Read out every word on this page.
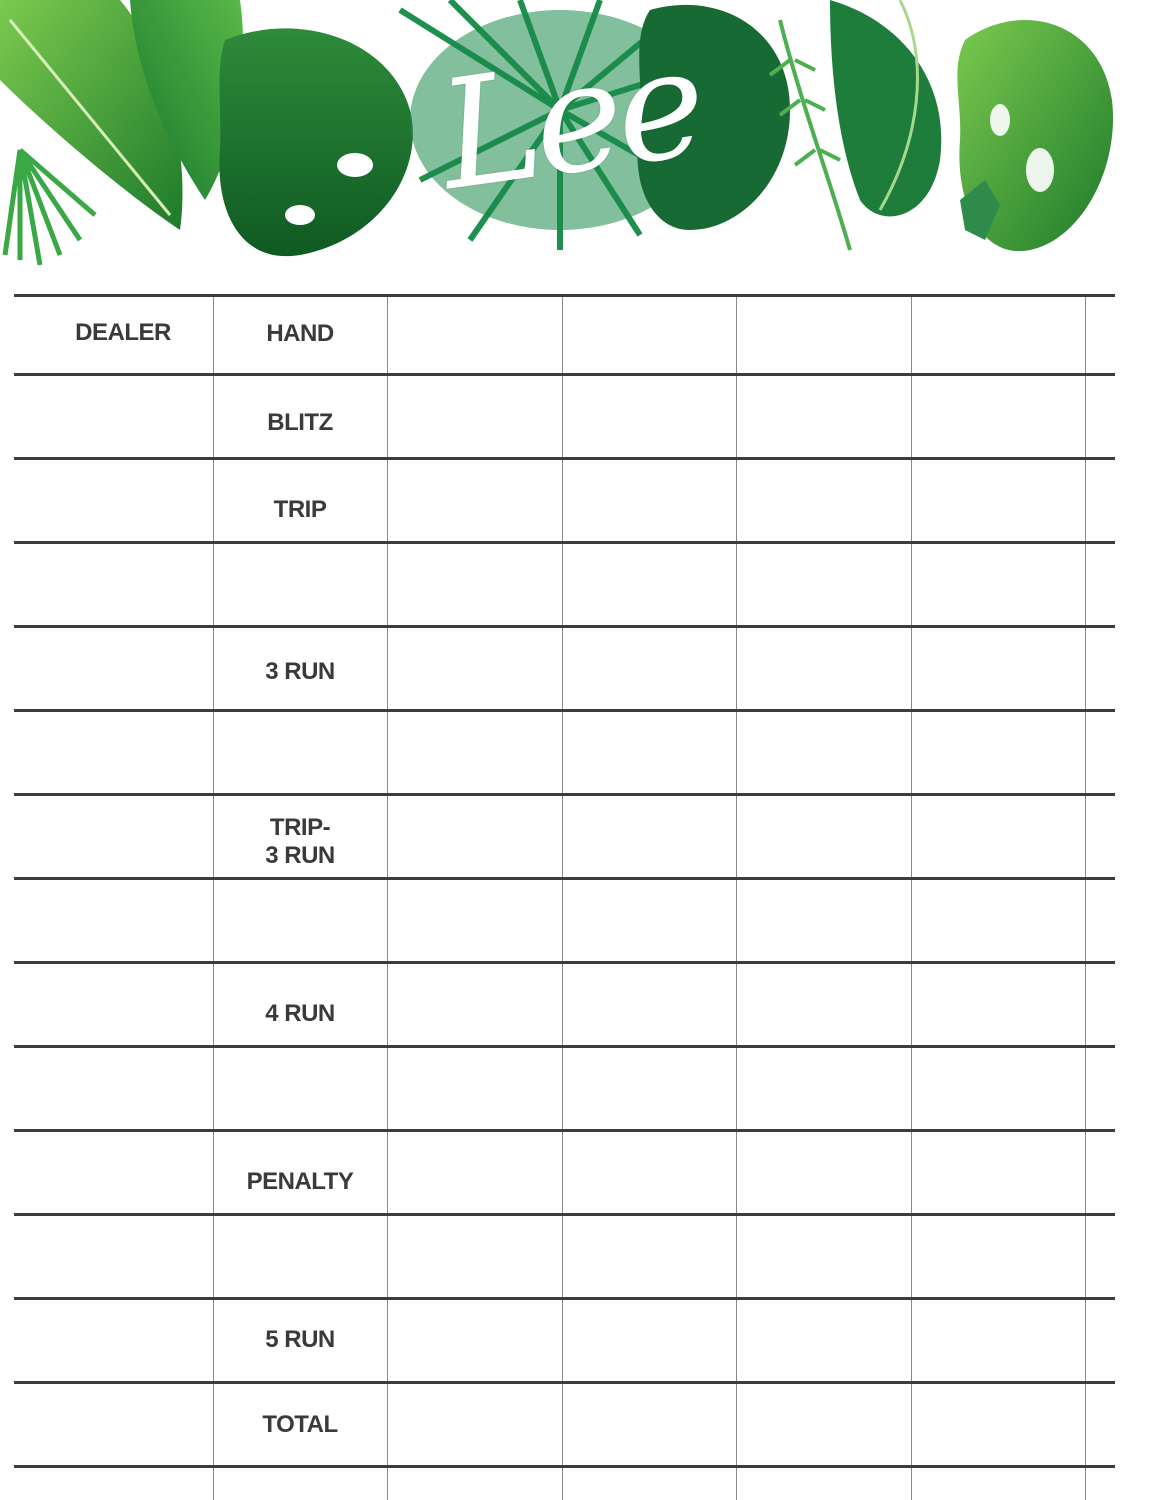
Lee
DEALER	HAND
BLITZ
TRIP
3 RUN
TRIP-
3 RUN
4 RUN
PENALTY
5 RUN
TOTAL
